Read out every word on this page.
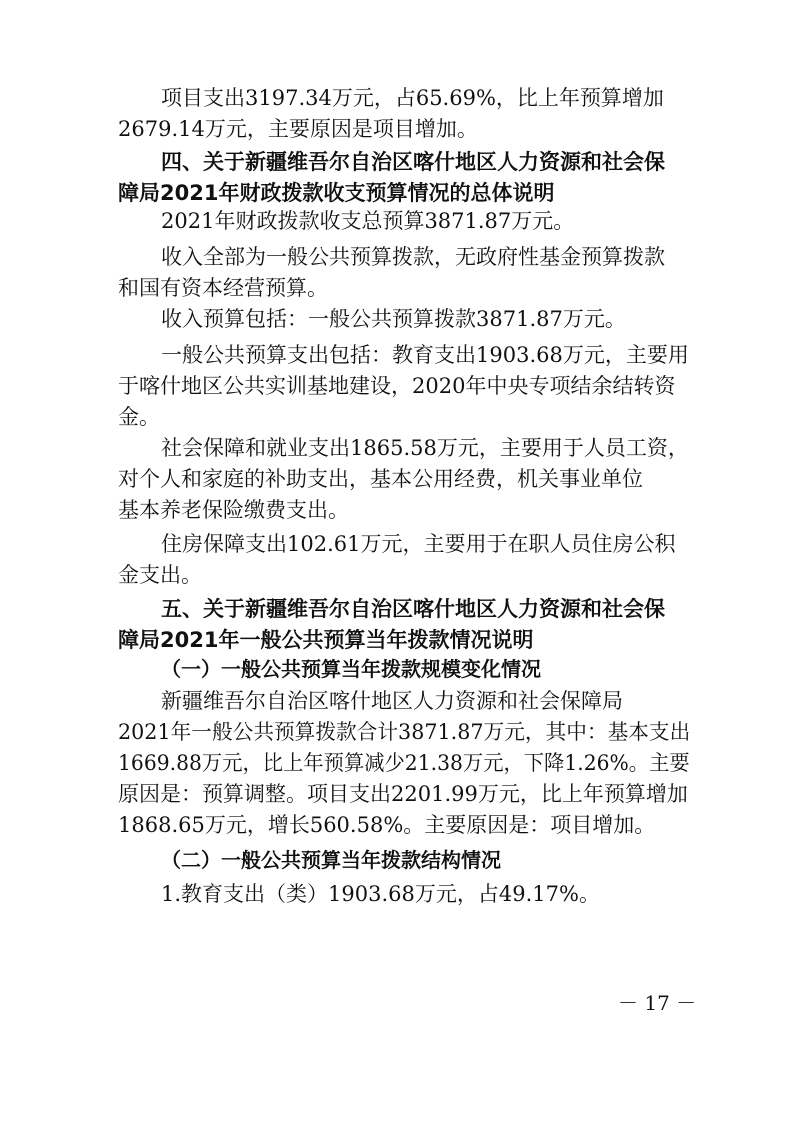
项目支出3197.34万元，占65.69%，比上年预算增加
2679.14万元，主要原因是项目增加。
四、关于新疆维吾尔自治区喀什地区人力资源和社会保
障局2021年财政拨款收支预算情况的总体说明
2021年财政拨款收支总预算3871.87万元。
收入全部为一般公共预算拨款，无政府性基金预算拨款
和国有资本经营预算。
收入预算包括：一般公共预算拨款3871.87万元。
一般公共预算支出包括：教育支出1903.68万元，主要用
于喀什地区公共实训基地建设，2020年中央专项结余结转资
金。
社会保障和就业支出1865.58万元，主要用于人员工资，
对个人和家庭的补助支出，基本公用经费，机关事业单位
基本养老保险缴费支出。
住房保障支出102.61万元，主要用于在职人员住房公积
金支出。
五、关于新疆维吾尔自治区喀什地区人力资源和社会保
障局2021年一般公共预算当年拨款情况说明
（一）一般公共预算当年拨款规模变化情况
新疆维吾尔自治区喀什地区人力资源和社会保障局
2021年一般公共预算拨款合计3871.87万元，其中：基本支出
1669.88万元，比上年预算减少21.38万元，下降1.26%。主要
原因是：预算调整。项目支出2201.99万元，比上年预算增加
1868.65万元，增长560.58%。主要原因是：项目增加。
（二）一般公共预算当年拨款结构情况
1.教育支出（类）1903.68万元，占49.17%。
－ 17 －
